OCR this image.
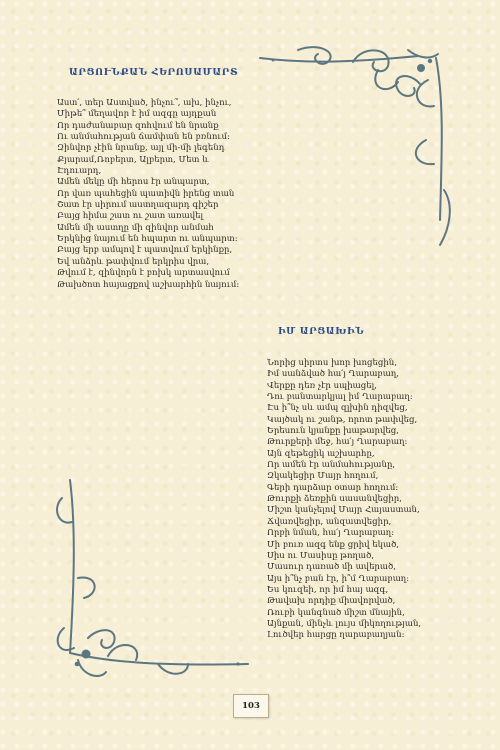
ԱՐՑՈՒՆՔԱՆ ՀԵՐՈՍԱՄԱՐՏ
Աստ՛, տեր Աստված, ինչու՞, ախ, ինչու,
Միթե՞ մեղավոր է իմ ազգը այդքան
Որ դաժանաբար զոհվում են նրանք
Ու անմահության ճամփան են բռնում:
Զինվոր չէին նրանք, այլ մի-մի լեգենդ
Քյարամ,Ռոբերտ, Ալբերտ, Մետ և
Էդուարդ,
Ամեն մեկը մի հերոս էր անպարտ,
Որ վառ պահեցին պատիվն իրենց տան
Շատ էր սիրում աստղազարդ գիշեր
Բայց հիմա շատ ու շատ առավել
Ամեն մի աստղը մի զինվոր անմահ
Երկնից նայում են հպարտ ու անպարտ:
Բայց երբ ամպով է պատվում երկինքը,
Եվ անձրև թափվում երկրիս վրա,
Թվում է, զինվորն է բոխկ արտասվում
Թախծոտ հայացքով աշխարհին նայում:
ԻՄ ԱՐՑԱԽԻՆ
Նորից սիրտս խոր խոցեցին,
Իմ սանձված հա՛յ Ղարաբաղ,
Վերքը դեռ չէր սպիացել,
Դու բանտարկյալ իմ Ղարաբաղ:
Էս ի՞նչ սև ամպ զլխին դիզվեց,
Կայծակ ու շանթ, որոտ թափվեց,
Երեսուն կյանքը խաթարվեց,
Թուրքերի մեջ, հա՛յ Ղարաբաղ:
Այն զեթեցիկ աշխարհը,
Որ ամեն էր անմահությանը,
Զկակեցիր Մայր հողում,
Գերի դարձար օտար հողում:
Թուրքի ձեռքին սասանվեցիր,
Միշտ կանչելով Մայր Հայաստան,
Ճվառվեցիր, անզատվեցիր,
Որբի նման, հա՛յ Ղարաբաղ:
Մի բուռ ազգ ենք ցրիվ եկած,
Սիս ու Մասիսը թողած,
Մասուր դառած մի ավերած,
Այս ի՞նչ բան էր, ի՞մ Ղարաբաղ:
Ես կուզեի, որ իմ հայ ազգ,
Թավախ որդիք միավորված,
Ռուբի կանգնած միշտ մնային,
Այնքան, մինչև լույս միկողության,
Լուծվեր հարցը ղարաբաղյան:
103
